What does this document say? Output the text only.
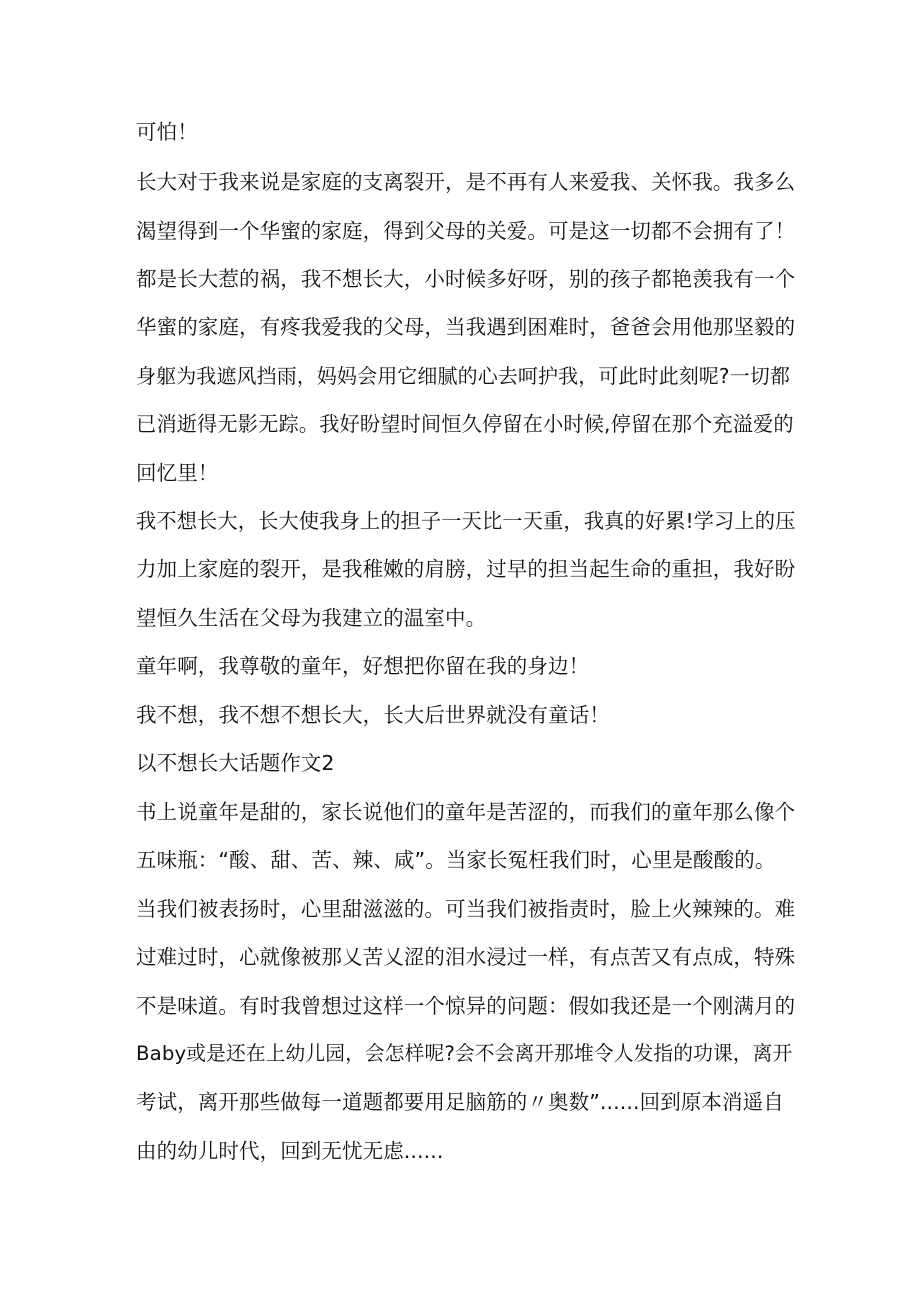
可怕！
长大对于我来说是家庭的支离裂开，是不再有人来爱我、关怀我。我多么
渴望得到一个华蜜的家庭，得到父母的关爱。可是这一切都不会拥有了！
都是长大惹的祸，我不想长大，小时候多好呀，别的孩子都艳羡我有一个
华蜜的家庭，有疼我爱我的父母，当我遇到困难时，爸爸会用他那坚毅的
身躯为我遮风挡雨，妈妈会用它细腻的心去呵护我，可此时此刻呢?一切都
已消逝得无影无踪。我好盼望时间恒久停留在小时候,停留在那个充溢爱的
回忆里！
我不想长大，长大使我身上的担子一天比一天重，我真的好累!学习上的压
力加上家庭的裂开，是我稚嫩的肩膀，过早的担当起生命的重担，我好盼
望恒久生活在父母为我建立的温室中。
童年啊，我尊敬的童年，好想把你留在我的身边！
我不想，我不想不想长大，长大后世界就没有童话！
以不想长大话题作文2
书上说童年是甜的，家长说他们的童年是苦涩的，而我们的童年那么像个
五味瓶：“酸、甜、苦、辣、咸”。当家长冤枉我们时，心里是酸酸的。
当我们被表扬时，心里甜滋滋的。可当我们被指责时，脸上火辣辣的。难
过难过时，心就像被那乂苦乂涩的泪水浸过一样，有点苦又有点成，特殊
不是味道。有时我曾想过这样一个惊异的问题：假如我还是一个刚满月的
Baby或是还在上幼儿园，会怎样呢?会不会离开那堆令人发指的功课，离开
考试，离开那些做每一道题都要用足脑筋的〃奥数”......回到原本消遥自
由的幼儿时代，回到无忧无虑......
